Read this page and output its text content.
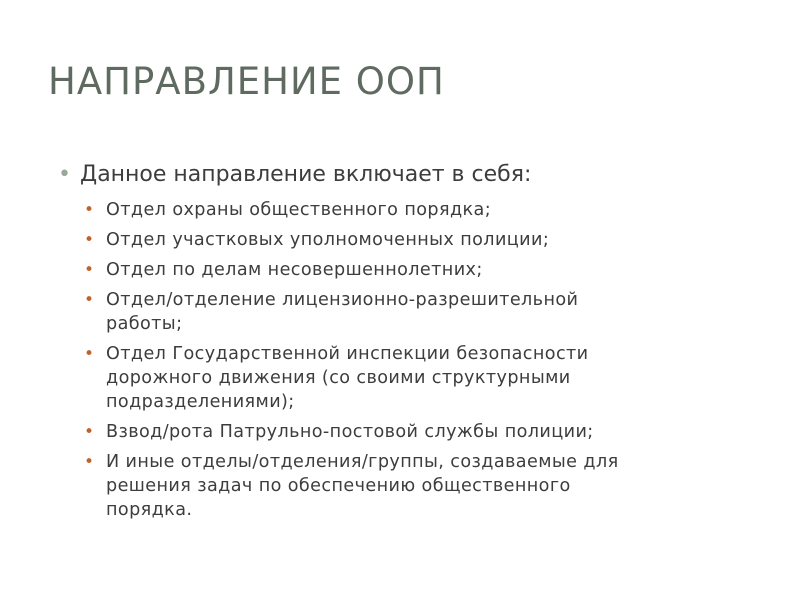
НАПРАВЛЕНИЕ ООП
• Данное направление включает в себя:
• Отдел охраны общественного порядка;
• Отдел участковых уполномоченных полиции;
• Отдел по делам несовершеннолетних;
• Отдел/отделение лицензионно-разрешительной
работы;
• Отдел Государственной инспекции безопасности
дорожного движения (со своими структурными
подразделениями);
• Взвод/рота Патрульно-постовой службы полиции;
• И иные отделы/отделения/группы, создаваемые для
решения задач по обеспечению общественного
порядка.
